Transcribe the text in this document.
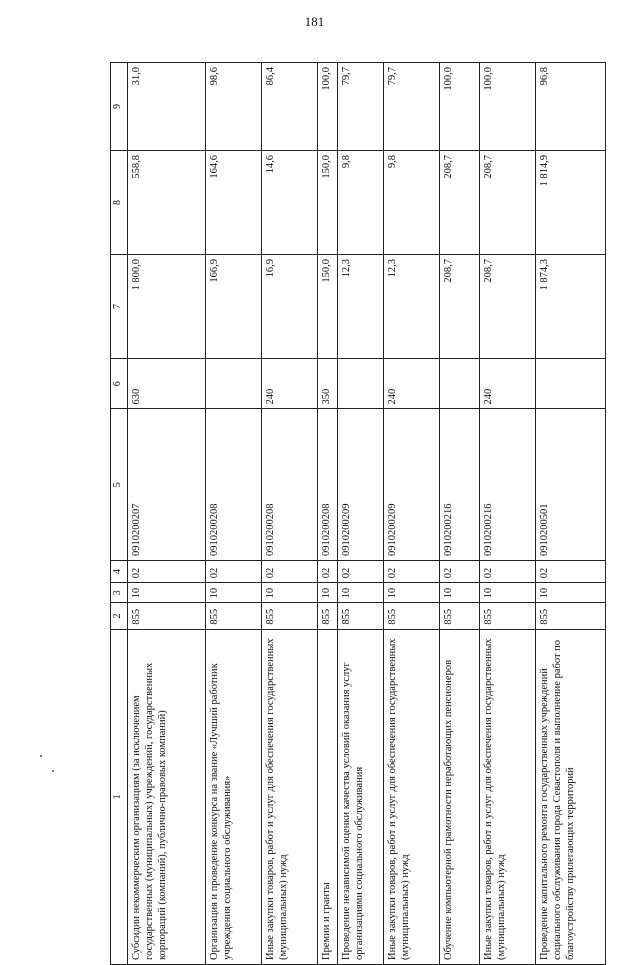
181
1	2	3	4	5	6	7	8	9
Субсидии некоммерческим организациям (за исключением государственных (муниципальных) учреждений, государственных корпораций (компаний), публично-правовых компаний)	855	10	02	0910200207	630	1 800,0	558,8	31,0
Организация и проведение конкурса на звание «Лучший работник учреждения социального обслуживания»	855	10	02	0910200208		166,9	164,6	98,6
Иные закупки товаров, работ и услуг для обеспечения государственных (муниципальных) нужд	855	10	02	0910200208	240	16,9	14,6	86,4
Премии и гранты	855	10	02	0910200208	350	150,0	150,0	100,0
Проведение независимой оценки качества условий оказания услуг организациями социального обслуживания	855	10	02	0910200209		12,3	9,8	79,7
Иные закупки товаров, работ и услуг для обеспечения государственных (муниципальных) нужд	855	10	02	0910200209	240	12,3	9,8	79,7
Обучение компьютерной грамотности неработающих пенсионеров	855	10	02	0910200216		208,7	208,7	100,0
Иные закупки товаров, работ и услуг для обеспечения государственных (муниципальных) нужд	855	10	02	0910200216	240	208,7	208,7	100,0
Проведение капитального ремонта государственных учреждений социального обслуживания города Севастополя и выполнение работ по благоустройству прилегающих территорий	855	10	02	0910200501		1 874,3	1 814,9	96,8
